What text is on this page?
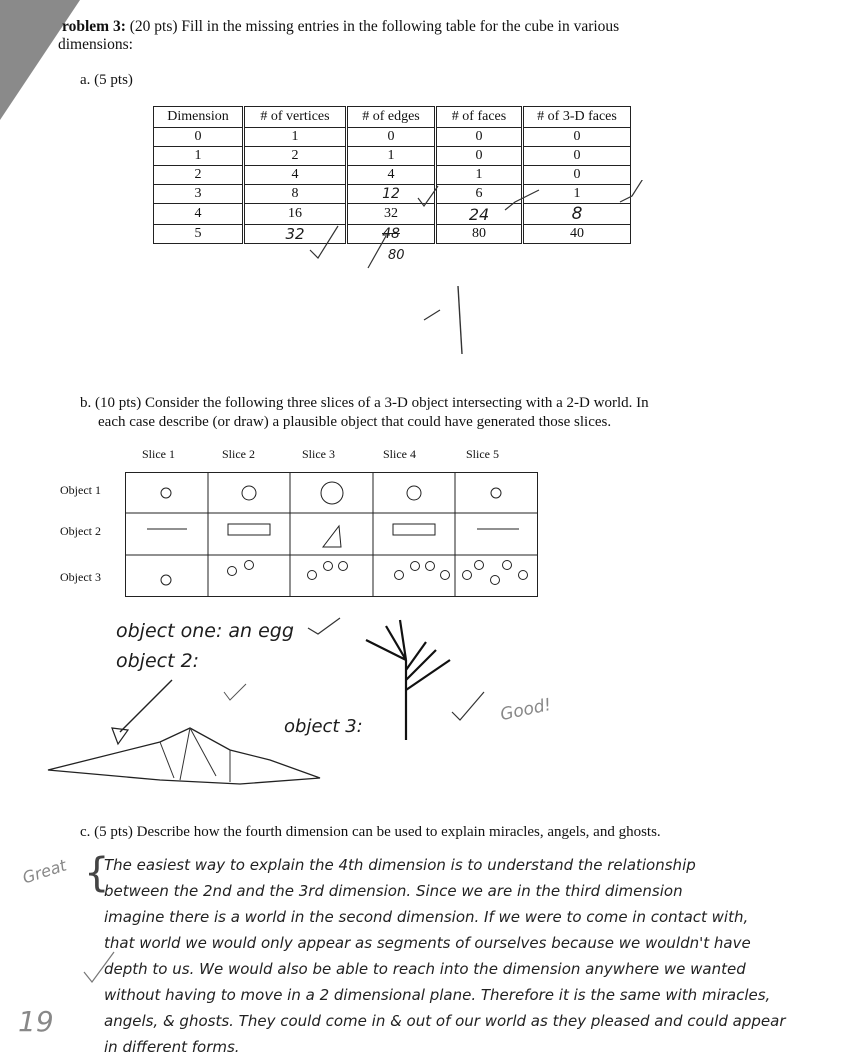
roblem 3: (20 pts) Fill in the missing entries in the following table for the cube in various
dimensions:
a. (5 pts)
Dimension	# of vertices	# of edges	# of faces	# of 3-D faces
0	1	0	0	0
1	2	1	0	0
2	4	4	1	0
3	8	12	6	1
4	16	32	24	8
5	32	48	80	40
80
b. (10 pts) Consider the following three slices of a 3-D object intersecting with a 2-D world. In
each case describe (or draw) a plausible object that could have generated those slices.
Slice 1	Slice 2	Slice 3	Slice 4	Slice 5
Object 1
Object 2
Object 3
object one: an egg
object 2:
object 3:
Good!
c. (5 pts) Describe how the fourth dimension can be used to explain miracles, angels, and ghosts.
Great {
The easiest way to explain the 4th dimension is to understand the relationship
between the 2nd and the 3rd dimension. Since we are in the third dimension
imagine there is a world in the second dimension. If we were to come in contact with,
that world we would only appear as segments of ourselves because we wouldn't have
depth to us. We would also be able to reach into the dimension anywhere we wanted
without having to move in a 2 dimensional plane. Therefore it is the same with miracles,
angels, & ghosts. They could come in & out of our world as they pleased and could appear
in different forms.
19
